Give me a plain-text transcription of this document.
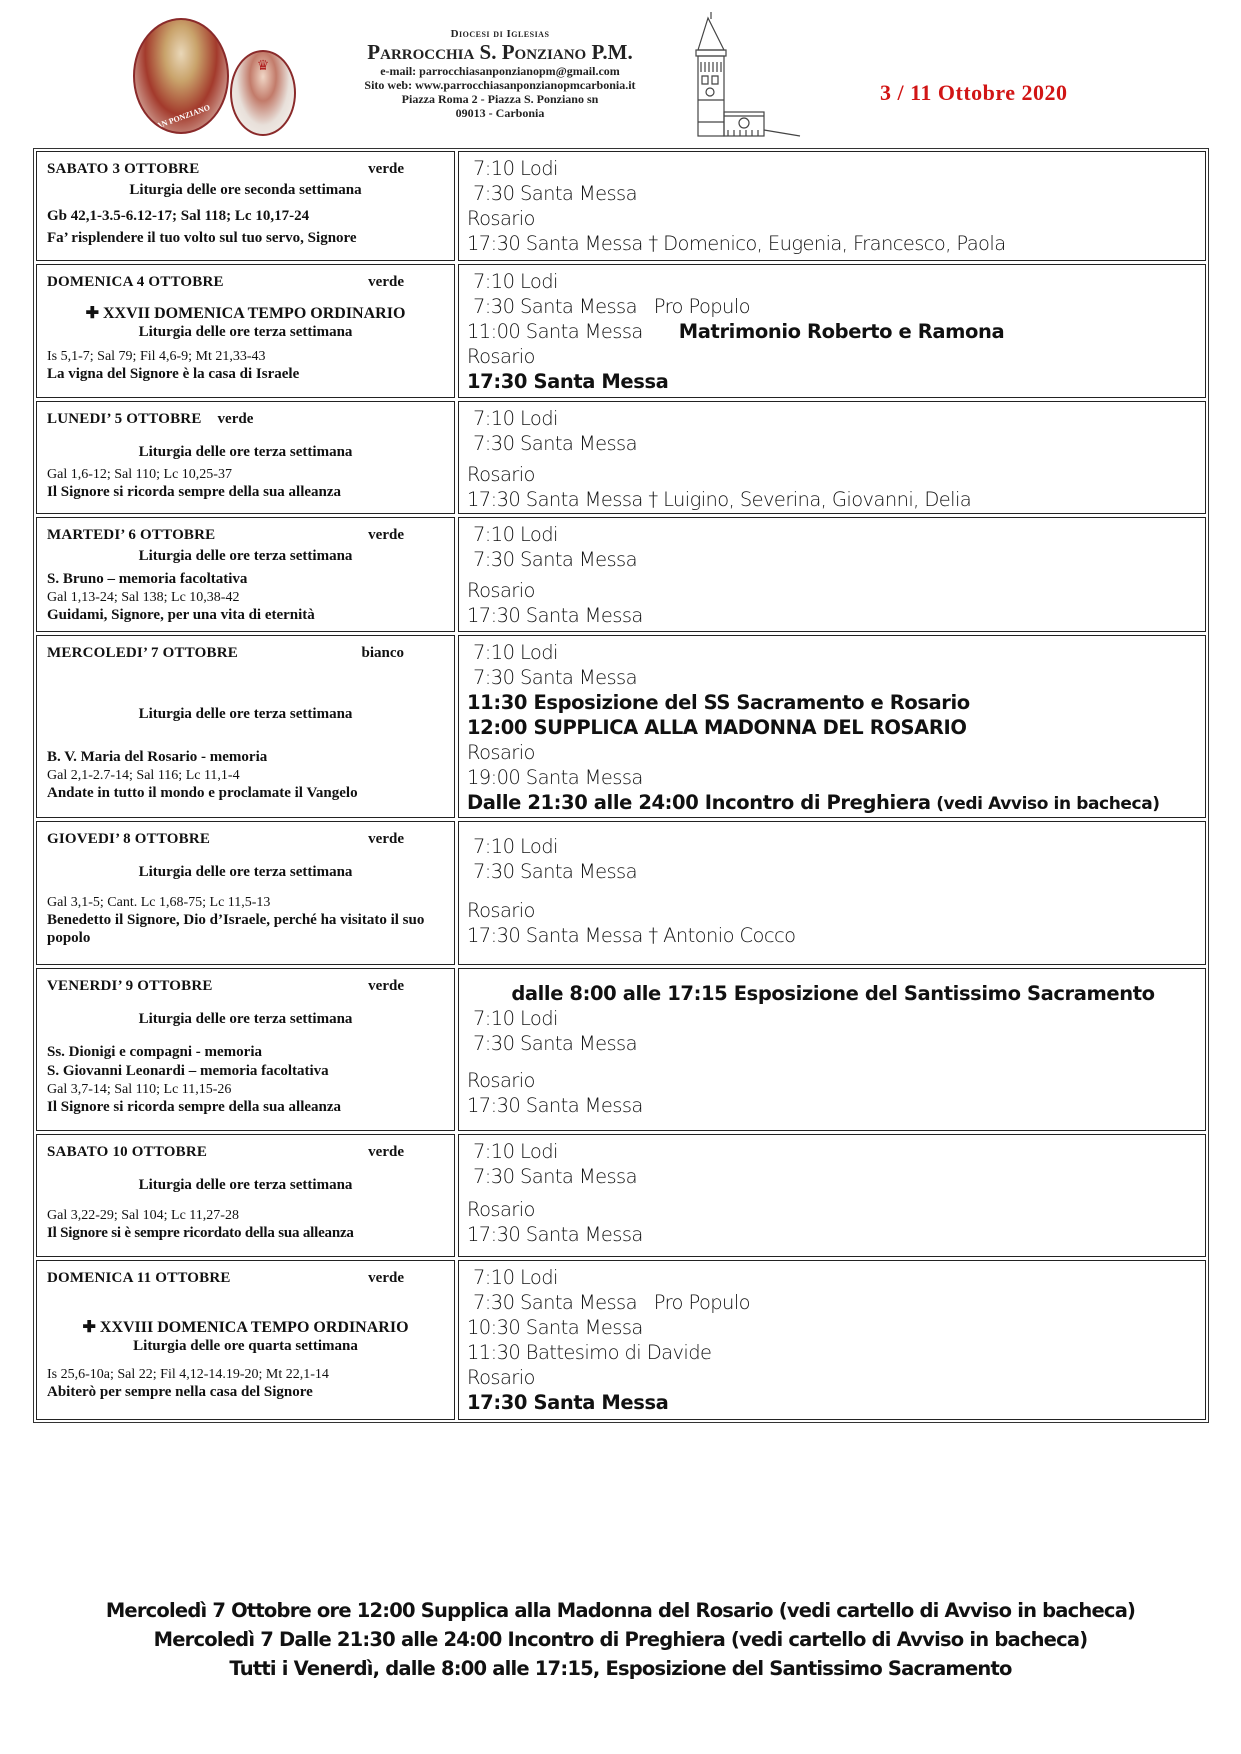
SAN PONZIANO
♛
Diocesi di Iglesias
Parrocchia S. Ponziano P.M.
e-mail: parrocchiasanponzianopm@gmail.com
Sito web: www.parrocchiasanponzianopmcarbonia.it
Piazza Roma 2 - Piazza S. Ponziano sn
09013 - Carbonia
3 / 11 Ottobre 2020
SABATO 3 OTTOBRE	verde
Liturgia delle ore seconda settimana
Gb 42,1-3.5-6.12-17; Sal 118; Lc 10,17-24
Fa’ risplendere il tuo volto sul tuo servo, Signore
7:10 Lodi
7:30 Santa Messa
Rosario
17:30 Santa Messa † Domenico, Eugenia, Francesco, Paola
DOMENICA 4 OTTOBRE	verde
✚ XXVII DOMENICA TEMPO ORDINARIO
Liturgia delle ore terza settimana
Is 5,1-7; Sal 79; Fil 4,6-9; Mt 21,33-43
La vigna del Signore è la casa di Israele
7:10 Lodi
7:30 Santa Messa   Pro Populo
11:00 Santa Messa Matrimonio Roberto e Ramona
Rosario
17:30 Santa Messa
LUNEDI’ 5 OTTOBRE verde
Liturgia delle ore terza settimana
Gal 1,6-12; Sal 110; Lc 10,25-37
Il Signore si ricorda sempre della sua alleanza
7:10 Lodi
7:30 Santa Messa
Rosario
17:30 Santa Messa † Luigino, Severina, Giovanni, Delia
MARTEDI’ 6 OTTOBRE	verde
Liturgia delle ore terza settimana
S. Bruno – memoria facoltativa
Gal 1,13-24; Sal 138; Lc 10,38-42
Guidami, Signore, per una vita di eternità
7:10 Lodi
7:30 Santa Messa
Rosario
17:30 Santa Messa
MERCOLEDI’ 7 OTTOBRE	bianco
Liturgia delle ore terza settimana
B. V. Maria del Rosario - memoria
Gal 2,1-2.7-14; Sal 116; Lc 11,1-4
Andate in tutto il mondo e proclamate il Vangelo
7:10 Lodi
7:30 Santa Messa
11:30 Esposizione del SS Sacramento e Rosario
12:00 SUPPLICA ALLA MADONNA DEL ROSARIO
Rosario
19:00 Santa Messa
Dalle 21:30 alle 24:00 Incontro di Preghiera (vedi Avviso in bacheca)
GIOVEDI’ 8 OTTOBRE	verde
Liturgia delle ore terza settimana
Gal 3,1-5; Cant. Lc 1,68-75; Lc 11,5-13
Benedetto il Signore, Dio d’Israele, perché ha visitato il suo popolo
7:10 Lodi
7:30 Santa Messa
Rosario
17:30 Santa Messa † Antonio Cocco
VENERDI’ 9 OTTOBRE	verde
Liturgia delle ore terza settimana
Ss. Dionigi e compagni - memoria
S. Giovanni Leonardi – memoria facoltativa
Gal 3,7-14; Sal 110; Lc 11,15-26
Il Signore si ricorda sempre della sua alleanza
dalle 8:00 alle 17:15 Esposizione del Santissimo Sacramento
7:10 Lodi
7:30 Santa Messa
Rosario
17:30 Santa Messa
SABATO 10 OTTOBRE	verde
Liturgia delle ore terza settimana
Gal 3,22-29; Sal 104; Lc 11,27-28
Il Signore si è sempre ricordato della sua alleanza
7:10 Lodi
7:30 Santa Messa
Rosario
17:30 Santa Messa
DOMENICA 11 OTTOBRE	verde
✚ XXVIII DOMENICA TEMPO ORDINARIO
Liturgia delle ore quarta settimana
Is 25,6-10a; Sal 22; Fil 4,12-14.19-20; Mt 22,1-14
Abiterò per sempre nella casa del Signore
7:10 Lodi
7:30 Santa Messa   Pro Populo
10:30 Santa Messa
11:30 Battesimo di Davide
Rosario
17:30 Santa Messa
Mercoledì 7 Ottobre ore 12:00 Supplica alla Madonna del Rosario (vedi cartello di Avviso in bacheca)
Mercoledì 7 Dalle 21:30 alle 24:00 Incontro di Preghiera (vedi cartello di Avviso in bacheca)
Tutti i Venerdì, dalle 8:00 alle 17:15, Esposizione del Santissimo Sacramento
